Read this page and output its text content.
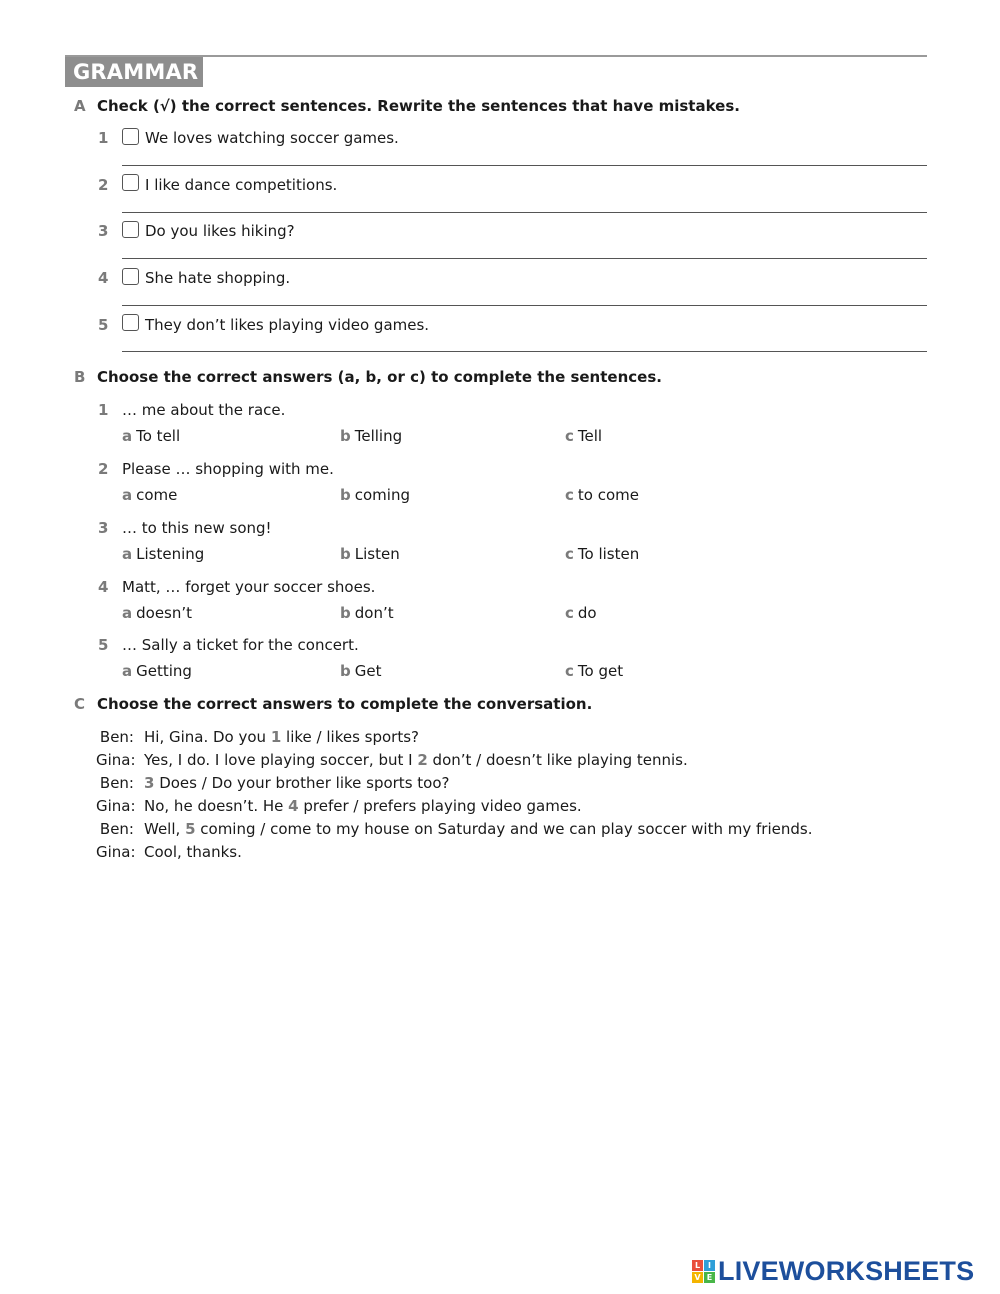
GRAMMAR
A Check (√) the correct sentences. Rewrite the sentences that have mistakes.
1 We loves watching soccer games.
2 I like dance competitions.
3 Do you likes hiking?
4 She hate shopping.
5 They don’t likes playing video games.
B Choose the correct answers (a, b, or c) to complete the sentences.
1 … me about the race.
a To tell	b Telling	c Tell
2 Please … shopping with me.
a come	b coming	c to come
3 … to this new song!
a Listening	b Listen	c To listen
4 Matt, … forget your soccer shoes.
a doesn’t	b don’t	c do
5 … Sally a ticket for the concert.
a Getting	b Get	c To get
C Choose the correct answers to complete the conversation.
Ben: Hi, Gina. Do you 1 like / likes sports?
Gina: Yes, I do. I love playing soccer, but I 2 don’t / doesn’t like playing tennis.
Ben: 3 Does / Do your brother like sports too?
Gina: No, he doesn’t. He 4 prefer / prefers playing video games.
Ben: Well, 5 coming / come to my house on Saturday and we can play soccer with my friends.
Gina: Cool, thanks.
L I
V E LIVEWORKSHEETS
